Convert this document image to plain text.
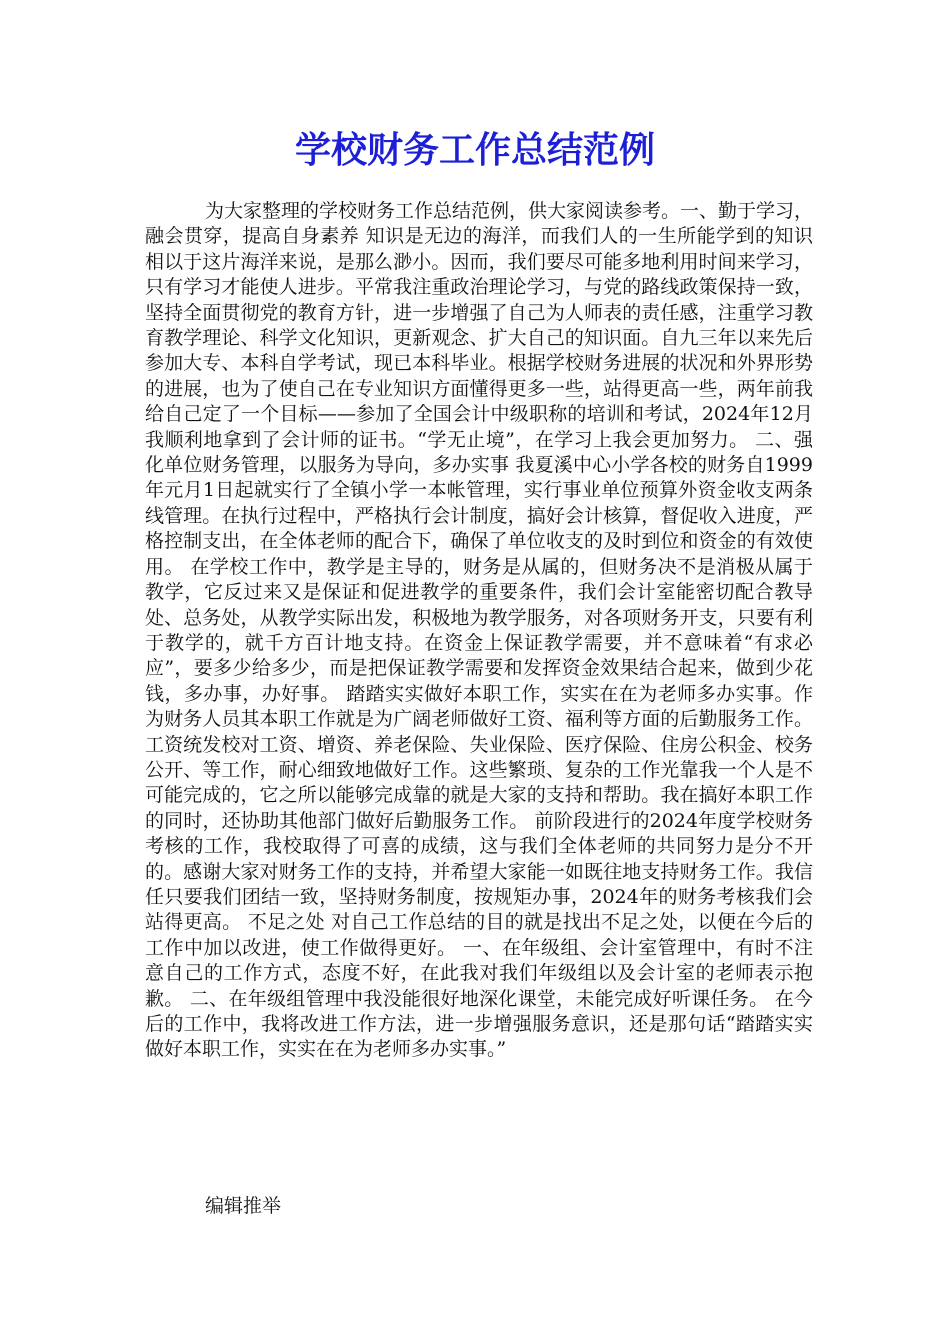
学校财务工作总结范例

为大家整理的学校财务工作总结范例，供大家阅读参考。一、勤于学习，融会贯穿，提高自身素养 知识是无边的海洋，而我们人的一生所能学到的知识相以于这片海洋来说，是那么渺小。因而，我们要尽可能多地利用时间来学习，只有学习才能使人进步。平常我注重政治理论学习，与党的路线政策保持一致，坚持全面贯彻党的教育方针，进一步增强了自己为人师表的责任感，注重学习教育教学理论、科学文化知识，更新观念、扩大自己的知识面。自九三年以来先后参加大专、本科自学考试，现已本科毕业。根据学校财务进展的状况和外界形势的进展，也为了使自己在专业知识方面懂得更多一些，站得更高一些，两年前我给自己定了一个目标——参加了全国会计中级职称的培训和考试，2024年12月我顺利地拿到了会计师的证书。“学无止境”，在学习上我会更加努力。 二、强化单位财务管理，以服务为导向，多办实事 我夏溪中心小学各校的财务自1999年元月1日起就实行了全镇小学一本帐管理，实行事业单位预算外资金收支两条线管理。在执行过程中，严格执行会计制度，搞好会计核算，督促收入进度，严格控制支出，在全体老师的配合下，确保了单位收支的及时到位和资金的有效使用。 在学校工作中，教学是主导的，财务是从属的，但财务决不是消极从属于教学，它反过来又是保证和促进教学的重要条件，我们会计室能密切配合教导处、总务处，从教学实际出发，积极地为教学服务，对各项财务开支，只要有利于教学的，就千方百计地支持。在资金上保证教学需要，并不意味着“有求必应”，要多少给多少，而是把保证教学需要和发挥资金效果结合起来，做到少花钱，多办事，办好事。 踏踏实实做好本职工作，实实在在为老师多办实事。作为财务人员其本职工作就是为广阔老师做好工资、福利等方面的后勤服务工作。工资统发校对工资、增资、养老保险、失业保险、医疗保险、住房公积金、校务公开、等工作，耐心细致地做好工作。这些繁琐、复杂的工作光靠我一个人是不可能完成的，它之所以能够完成靠的就是大家的支持和帮助。我在搞好本职工作的同时，还协助其他部门做好后勤服务工作。 前阶段进行的2024年度学校财务考核的工作，我校取得了可喜的成绩，这与我们全体老师的共同努力是分不开的。感谢大家对财务工作的支持，并希望大家能一如既往地支持财务工作。我信任只要我们团结一致，坚持财务制度，按规矩办事，2024年的财务考核我们会站得更高。 不足之处 对自己工作总结的目的就是找出不足之处，以便在今后的工作中加以改进，使工作做得更好。 一、在年级组、会计室管理中，有时不注意自己的工作方式，态度不好，在此我对我们年级组以及会计室的老师表示抱歉。 二、在年级组管理中我没能很好地深化课堂，未能完成好听课任务。 在今后的工作中，我将改进工作方法，进一步增强服务意识，还是那句话“踏踏实实做好本职工作，实实在在为老师多办实事。”

编辑推举
